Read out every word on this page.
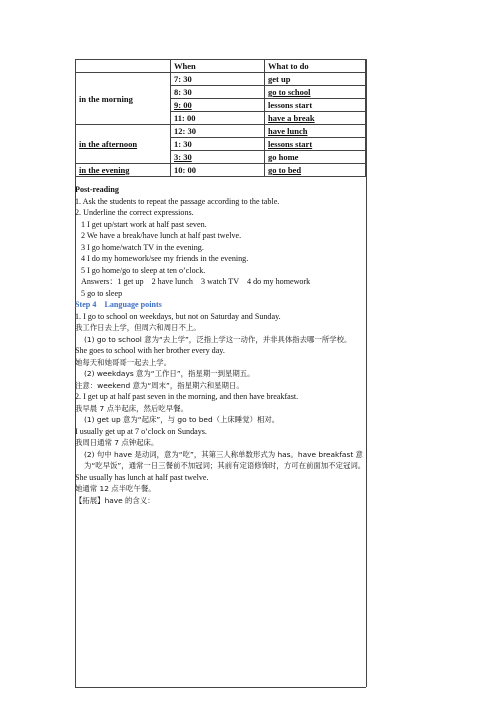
	When	What to do
in the morning	7: 30	get up
	8: 30	go to school
	9: 00	lessons start
	11: 00	have a break
in the afternoon	12: 30	have lunch
	1: 30	lessons start
	3: 30	go home
in the evening	10: 00	go to bed

Post-reading

1. Ask the students to repeat the passage according to the table.

2. Underline the correct expressions.

1 I get up/start work at half past seven.

2 We have a break/have lunch at half past twelve.

3 I go home/watch TV in the evening.

4 I do my homework/see my friends in the evening.

5 I go home/go to sleep at ten o’clock.

Answers：1 get up　2 have lunch　3 watch TV　4 do my homework

5 go to sleep

Step 4　Language points

1. I go to school on weekdays, but not on Saturday and Sunday.

我工作日去上学，但周六和周日不上。

(1) go to school 意为“去上学”，泛指上学这一动作，并非具体指去哪一所学校。

She goes to school with her brother every day.

她每天和她哥哥一起去上学。

(2) weekdays 意为“工作日”，指星期一到星期五。

注意：weekend 意为“周末”，指星期六和星期日。

2. I get up at half past seven in the morning, and then have breakfast.

我早晨 7 点半起床，然后吃早餐。

(1) get up 意为“起床”，与 go to bed（上床睡觉）相对。

I usually get up at 7 o’clock on Sundays.

我周日通常 7 点钟起床。

(2) 句中 have 是动词，意为“吃”，其第三人称单数形式为 has。have breakfast 意为“吃早饭”，通常一日三餐前不加冠词；其前有定语修饰时，方可在前面加不定冠词。

She usually has lunch at half past twelve.

她通常 12 点半吃午餐。

【拓展】have 的含义：
